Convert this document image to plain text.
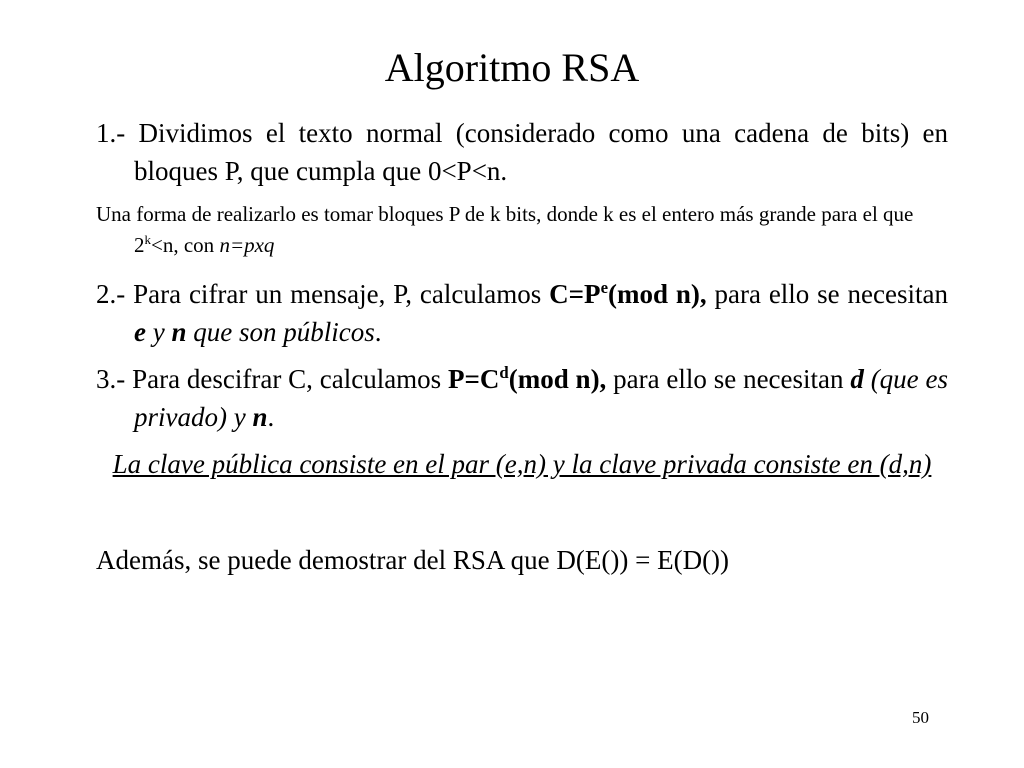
Algoritmo RSA

1.- Dividimos el texto normal (considerado como una cadena de bits) en bloques P, que cumpla que 0<P<n.

Una forma de realizarlo es tomar bloques P de k bits, donde k es el entero más grande para el que $2^k<n$, con n=pxq

2.- Para cifrar un mensaje, P, calculamos $C=P^e(mod$ n), para ello se necesitan e y n que son públicos.

3.- Para descifrar C, calculamos $P=C^d(mod$ n), para ello se necesitan d (que es privado) y n.

La clave pública consiste en el par (e,n) y la clave privada consiste en (d,n)

Además, se puede demostrar del RSA que D(E()) = E(D())

50
